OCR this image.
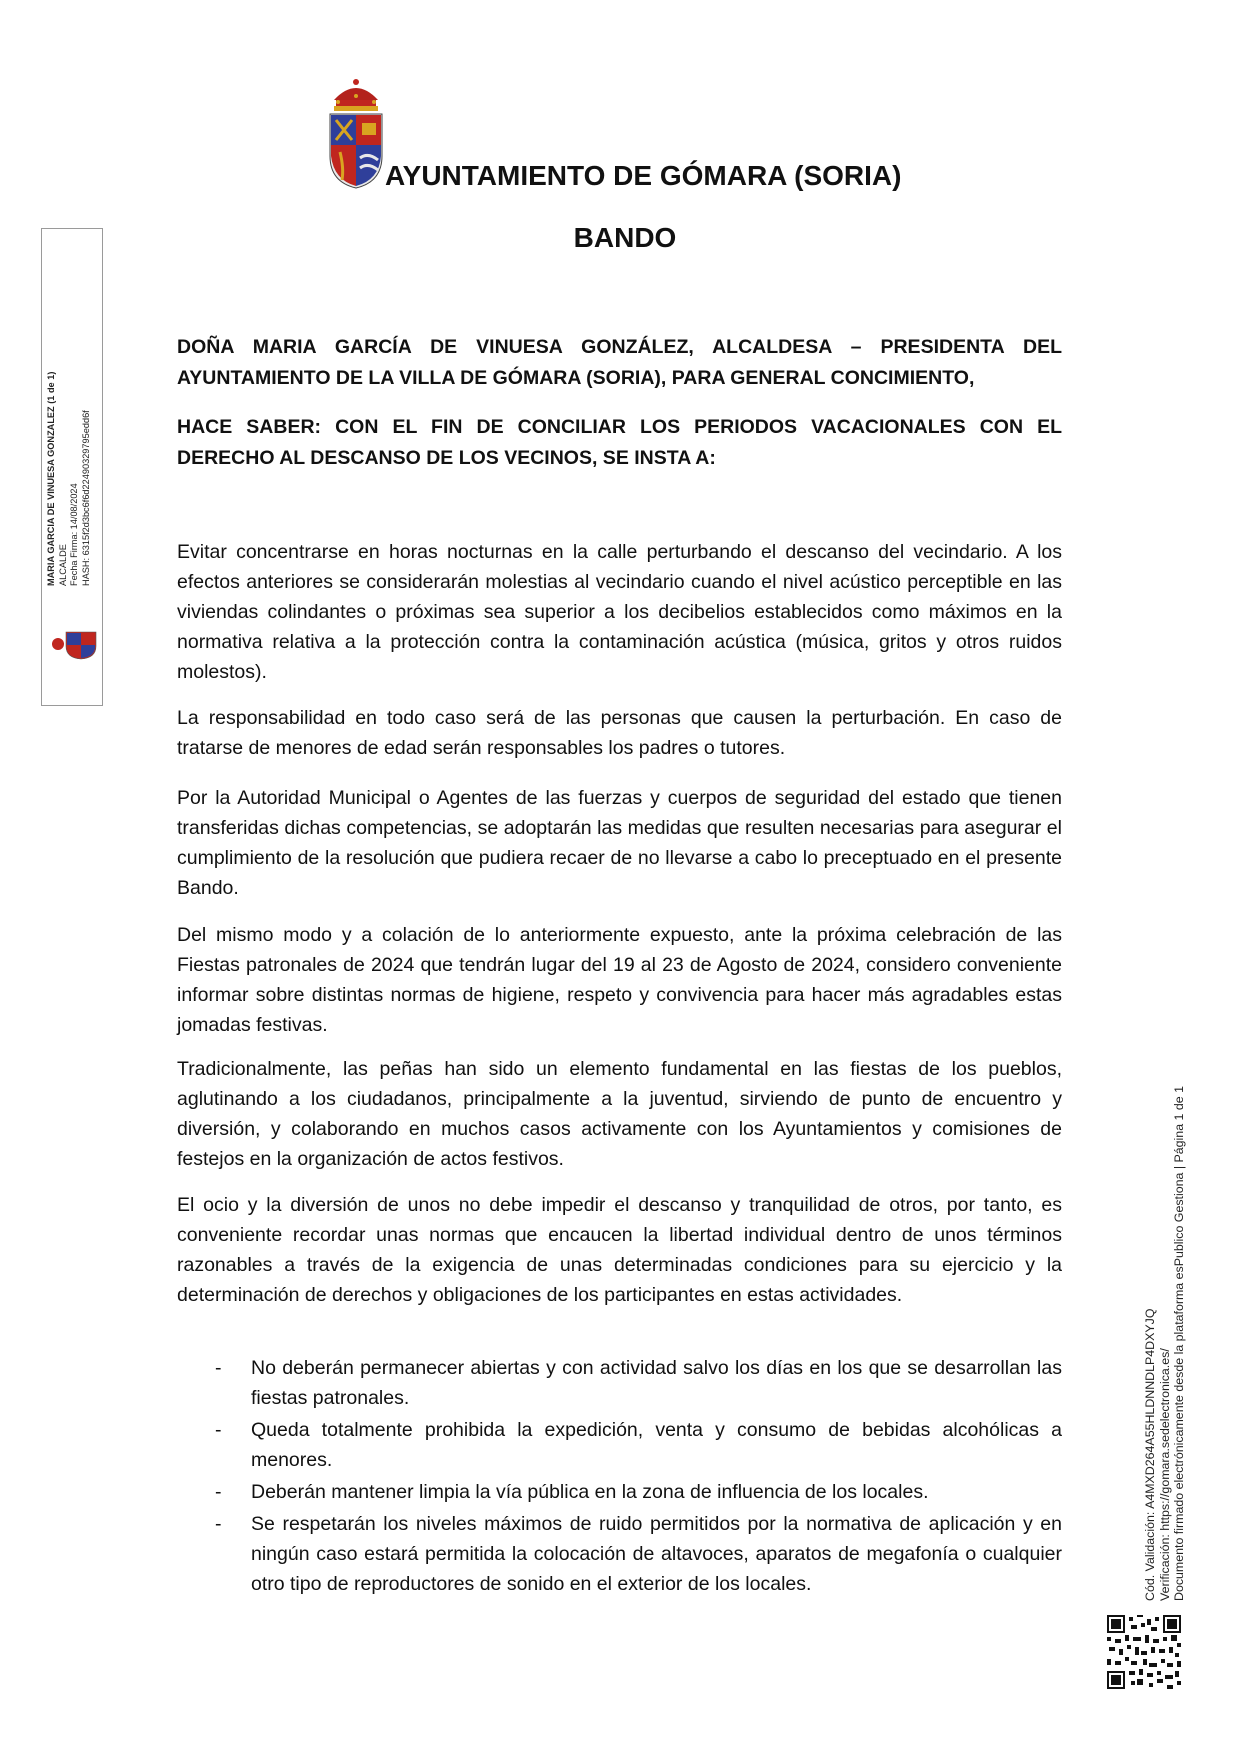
AYUNTAMIENTO DE GÓMARA (SORIA)
BANDO
DOÑA MARIA GARCÍA DE VINUESA GONZÁLEZ, ALCALDESA – PRESIDENTA DEL AYUNTAMIENTO DE LA VILLA DE GÓMARA (SORIA), PARA GENERAL CONCIMIENTO,
HACE SABER: CON EL FIN DE CONCILIAR LOS PERIODOS VACACIONALES CON EL DERECHO AL DESCANSO DE LOS VECINOS, SE INSTA A:
Evitar concentrarse en horas nocturnas en la calle perturbando el descanso del vecindario. A los efectos anteriores se considerarán molestias al vecindario cuando el nivel acústico perceptible en las viviendas colindantes o próximas sea superior a los decibelios establecidos como máximos en la normativa relativa a la protección contra la contaminación acústica (música, gritos y otros ruidos molestos).
La responsabilidad en todo caso será de las personas que causen la perturbación. En caso de tratarse de menores de edad serán responsables los padres o tutores.
Por la Autoridad Municipal o Agentes de las fuerzas y cuerpos de seguridad del estado que tienen transferidas dichas competencias, se adoptarán las medidas que resulten necesarias para asegurar el cumplimiento de la resolución que pudiera recaer de no llevarse a cabo lo preceptuado en el presente Bando.
Del mismo modo y a colación de lo anteriormente expuesto, ante la próxima celebración de las Fiestas patronales de 2024 que tendrán lugar del 19 al 23 de Agosto de 2024, considero conveniente informar sobre distintas normas de higiene, respeto y convivencia para hacer más agradables estas jomadas festivas.
Tradicionalmente, las peñas han sido un elemento fundamental en las fiestas de los pueblos, aglutinando a los ciudadanos, principalmente a la juventud, sirviendo de punto de encuentro y diversión, y colaborando en muchos casos activamente con los Ayuntamientos y comisiones de festejos en la organización de actos festivos.
El ocio y la diversión de unos no debe impedir el descanso y tranquilidad de otros, por tanto, es conveniente recordar unas normas que encaucen la libertad individual dentro de unos términos razonables a través de la exigencia de unas determinadas condiciones para su ejercicio y la determinación de derechos y obligaciones de los participantes en estas actividades.
- No deberán permanecer abiertas y con actividad salvo los días en los que se desarrollan las fiestas patronales.
- Queda totalmente prohibida la expedición, venta y consumo de bebidas alcohólicas a menores.
- Deberán mantener limpia la vía pública en la zona de influencia de los locales.
- Se respetarán los niveles máximos de ruido permitidos por la normativa de aplicación y en ningún caso estará permitida la colocación de altavoces, aparatos de megafonía o cualquier otro tipo de reproductores de sonido en el exterior de los locales.
MARIA GARCIA DE VINUESA GONZALEZ (1 de 1) ALCALDE Fecha Firma: 14/08/2024 HASH: 6315f2d3bc6f6d22490329795edd6f
Cód. Validación: A4MXD264A55HLDNNDLP4DXYJQ Verificación: https://gomara.sedelectronica.es/ Documento firmado electrónicamente desde la plataforma esPublico Gestiona | Página 1 de 1
